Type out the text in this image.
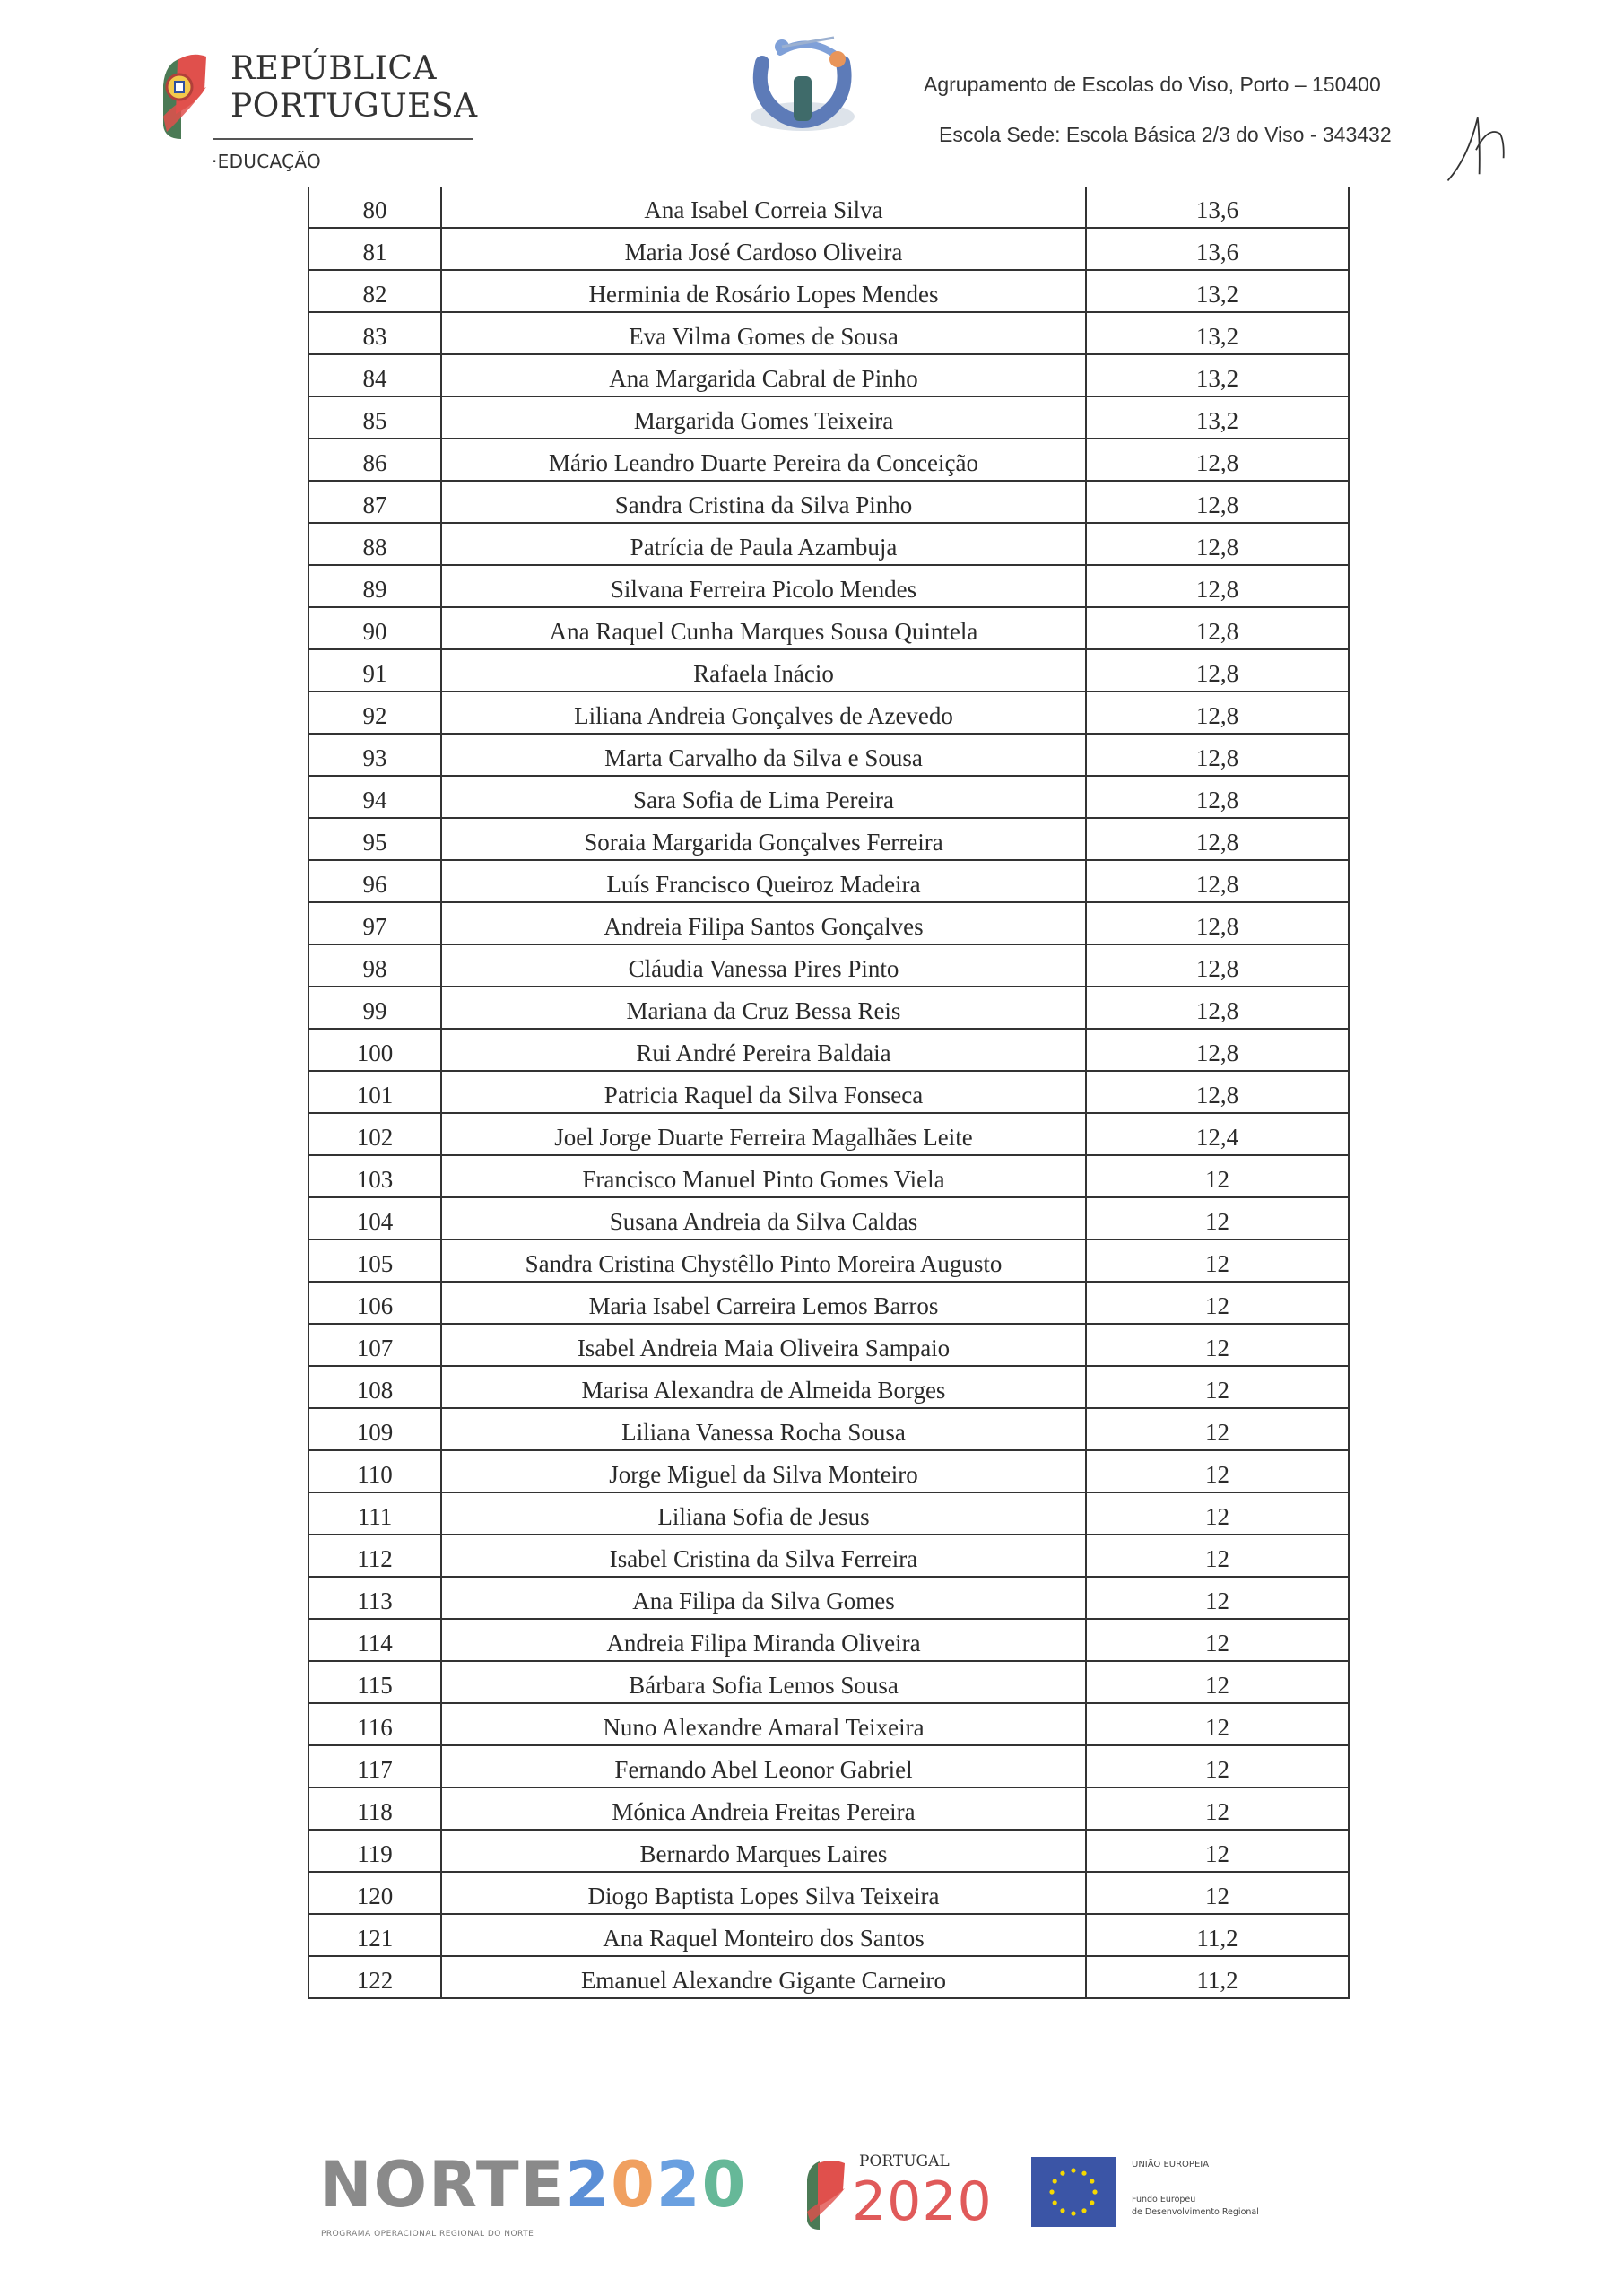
REPÚBLICA
PORTUGUESA
·EDUCAÇÃO
Agrupamento de Escolas do Viso, Porto – 150400
Escola Sede: Escola Básica 2/3 do Viso - 343432
80	Ana Isabel Correia Silva	13,6
81	Maria José Cardoso Oliveira	13,6
82	Herminia de Rosário Lopes Mendes	13,2
83	Eva Vilma Gomes de Sousa	13,2
84	Ana Margarida Cabral de Pinho	13,2
85	Margarida Gomes Teixeira	13,2
86	Mário Leandro Duarte Pereira da Conceição	12,8
87	Sandra Cristina da Silva Pinho	12,8
88	Patrícia de Paula Azambuja	12,8
89	Silvana Ferreira Picolo Mendes	12,8
90	Ana Raquel Cunha Marques Sousa Quintela	12,8
91	Rafaela Inácio	12,8
92	Liliana Andreia Gonçalves de Azevedo	12,8
93	Marta Carvalho da Silva e Sousa	12,8
94	Sara Sofia de Lima Pereira	12,8
95	Soraia Margarida Gonçalves Ferreira	12,8
96	Luís Francisco Queiroz Madeira	12,8
97	Andreia Filipa Santos Gonçalves	12,8
98	Cláudia Vanessa Pires Pinto	12,8
99	Mariana da Cruz Bessa Reis	12,8
100	Rui André Pereira Baldaia	12,8
101	Patricia Raquel da Silva Fonseca	12,8
102	Joel Jorge Duarte Ferreira Magalhães Leite	12,4
103	Francisco Manuel Pinto Gomes Viela	12
104	Susana Andreia da Silva Caldas	12
105	Sandra Cristina Chystêllo Pinto Moreira Augusto	12
106	Maria Isabel Carreira Lemos Barros	12
107	Isabel Andreia Maia Oliveira Sampaio	12
108	Marisa Alexandra de Almeida Borges	12
109	Liliana Vanessa Rocha Sousa	12
110	Jorge Miguel da Silva Monteiro	12
111	Liliana Sofia de Jesus	12
112	Isabel Cristina da Silva Ferreira	12
113	Ana Filipa da Silva Gomes	12
114	Andreia Filipa Miranda Oliveira	12
115	Bárbara Sofia Lemos Sousa	12
116	Nuno Alexandre Amaral Teixeira	12
117	Fernando Abel Leonor Gabriel	12
118	Mónica Andreia Freitas Pereira	12
119	Bernardo Marques Laires	12
120	Diogo Baptista Lopes Silva Teixeira	12
121	Ana Raquel Monteiro dos Santos	11,2
122	Emanuel Alexandre Gigante Carneiro	11,2
NORTE2020
PROGRAMA OPERACIONAL REGIONAL DO NORTE
PORTUGAL
2020
UNIÃO EUROPEIA
Fundo Europeu
de Desenvolvimento Regional
